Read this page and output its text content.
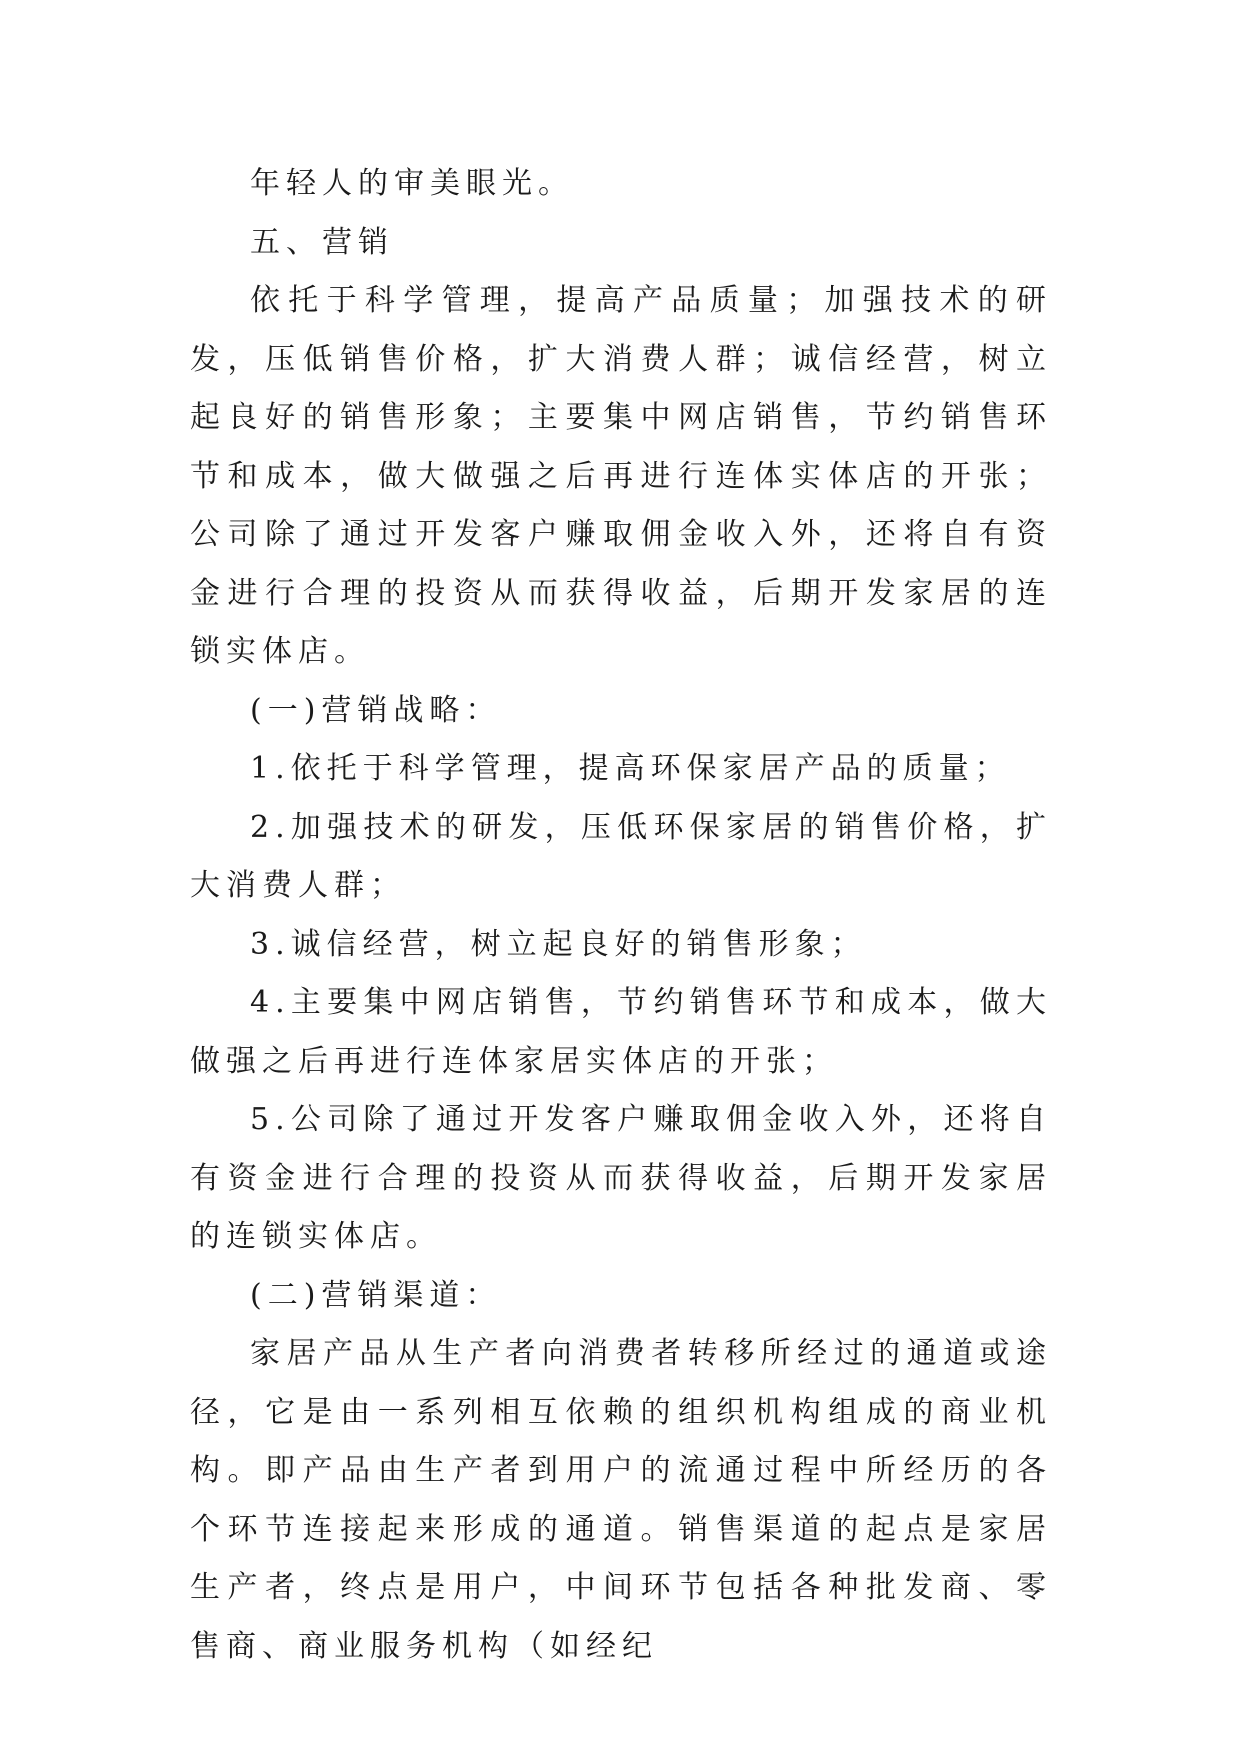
年轻人的审美眼光。

五、营销

依托于科学管理，提高产品质量；加强技术的研发，压低销售价格，扩大消费人群；诚信经营，树立起良好的销售形象；主要集中网店销售，节约销售环节和成本，做大做强之后再进行连体实体店的开张；公司除了通过开发客户赚取佣金收入外，还将自有资金进行合理的投资从而获得收益，后期开发家居的连锁实体店。

(一)营销战略：

1.依托于科学管理，提高环保家居产品的质量；

2.加强技术的研发，压低环保家居的销售价格，扩大消费人群；

3.诚信经营，树立起良好的销售形象；

4.主要集中网店销售，节约销售环节和成本，做大做强之后再进行连体家居实体店的开张；

5.公司除了通过开发客户赚取佣金收入外，还将自有资金进行合理的投资从而获得收益，后期开发家居的连锁实体店。

(二)营销渠道：

家居产品从生产者向消费者转移所经过的通道或途径，它是由一系列相互依赖的组织机构组成的商业机构。即产品由生产者到用户的流通过程中所经历的各个环节连接起来形成的通道。销售渠道的起点是家居生产者，终点是用户，中间环节包括各种批发商、零售商、商业服务机构（如经纪
